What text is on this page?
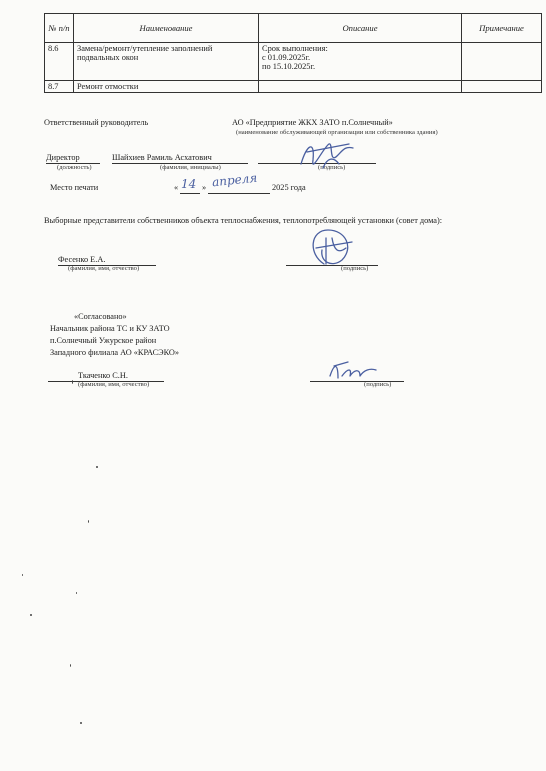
№ п/п	Наименование	Описание	Примечание
8.6	Замена/ремонт/утепление заполнений подвальных окон	Срок выполнения:
с 01.09.2025г.
по 15.10.2025г.	

8.7	Ремонт отмостки		
Ответственный руководитель	АО «Предприятие ЖКХ ЗАТО п.Солнечный»
(наименование обслуживающей организации или собственника здания)
Директор
(должность)
Шайхиев Рамиль Асхатович
(фамилия, инициалы)	(подпись)
Место печати	« 14 » апреля 2025 года
Выборные представители собственников объекта теплоснабжения, теплопотребляющей установки (совет дома):
Фесенко Е.А.
(фамилия, имя, отчество)	(подпись)
«Согласовано»
Начальник района ТС и КУ ЗАТО
п.Солнечный Ужурское район
Западного филиала АО «КРАСЭКО»
Ткаченко С.Н.
(фамилия, имя, отчество)	(подпись)
